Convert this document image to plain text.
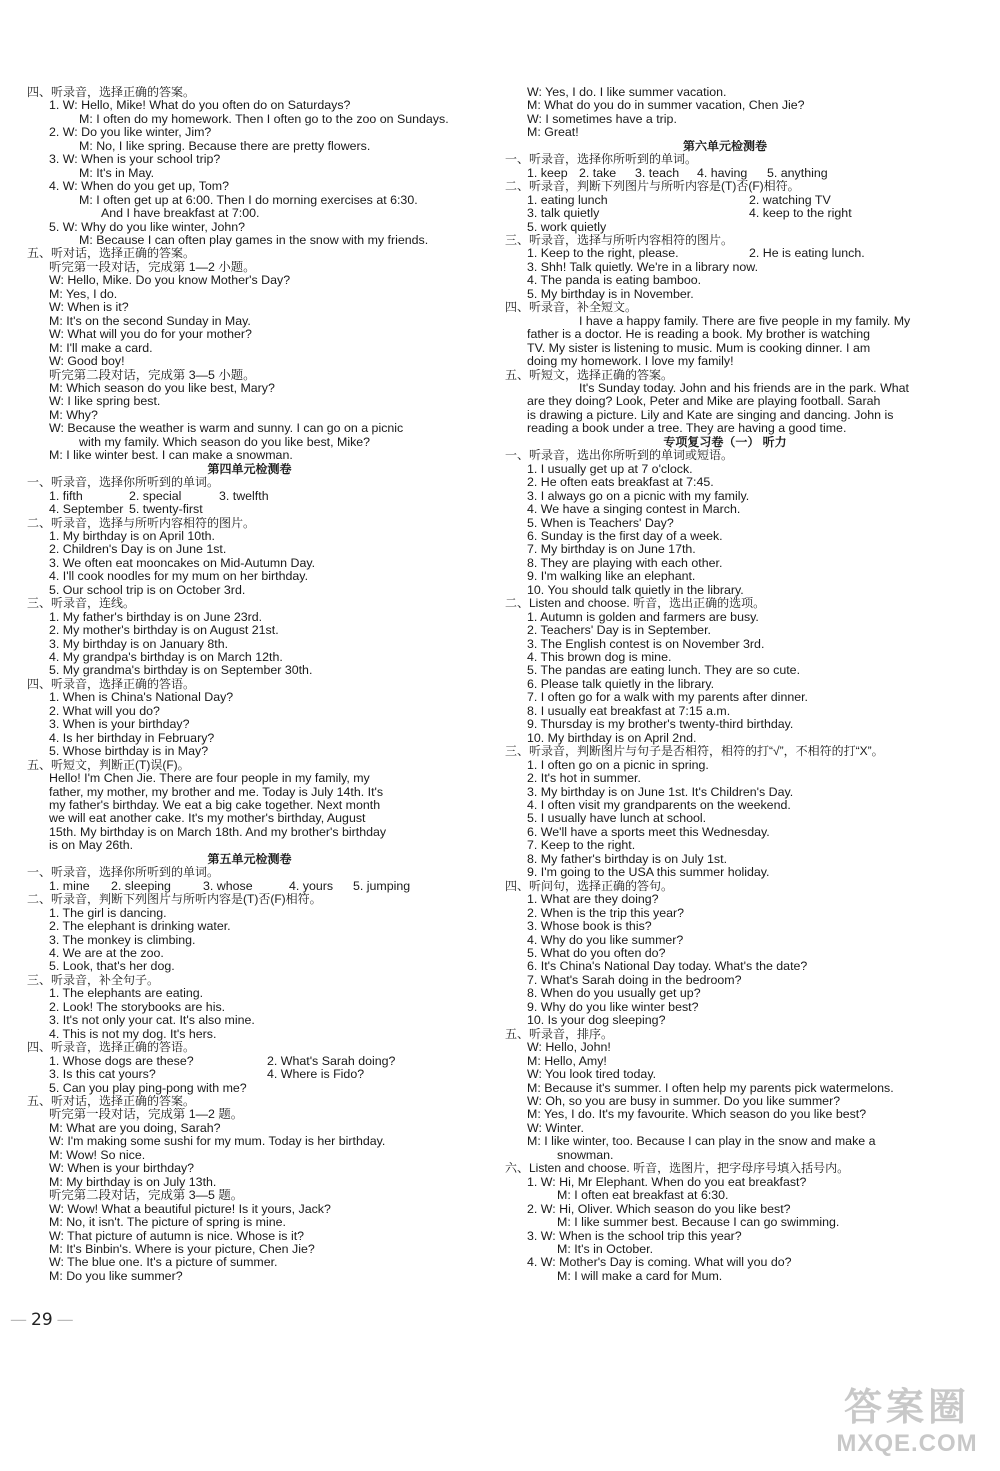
四、听录音，选择正确的答案。
1. W: Hello, Mike! What do you often do on Saturdays?
M: I often do my homework. Then I often go to the zoo on Sundays.
2. W: Do you like winter, Jim?
M: No, I like spring. Because there are pretty flowers.
3. W: When is your school trip?
M: It's in May.
4. W: When do you get up, Tom?
M: I often get up at 6:00. Then I do morning exercises at 6:30.
And I have breakfast at 7:00.
5. W: Why do you like winter, John?
M: Because I can often play games in the snow with my friends.
五、听对话，选择正确的答案。
听完第一段对话，完成第 1—2 小题。
W: Hello, Mike. Do you know Mother's Day?
M: Yes, I do.
W: When is it?
M: It's on the second Sunday in May.
W: What will you do for your mother?
M: I'll make a card.
W: Good boy!
听完第二段对话，完成第 3—5 小题。
M: Which season do you like best, Mary?
W: I like spring best.
M: Why?
W: Because the weather is warm and sunny. I can go on a picnic
with my family. Which season do you like best, Mike?
M: I like winter best. I can make a snowman.
第四单元检测卷
一、听录音，选择你所听到的单词。
1. fifth	2. special	3. twelfth
4. September 5. twenty-first
二、听录音，选择与所听内容相符的图片。
1. My birthday is on April 10th.
2. Children's Day is on June 1st.
3. We often eat mooncakes on Mid-Autumn Day.
4. I'll cook noodles for my mum on her birthday.
5. Our school trip is on October 3rd.
三、听录音，连线。
1. My father's birthday is on June 23rd.
2. My mother's birthday is on August 21st.
3. My birthday is on January 8th.
4. My grandpa's birthday is on March 12th.
5. My grandma's birthday is on September 30th.
四、听录音，选择正确的答语。
1. When is China's National Day?
2. What will you do?
3. When is your birthday?
4. Is her birthday in February?
5. Whose birthday is in May?
五、听短文，判断正(T)误(F)。
Hello! I'm Chen Jie. There are four people in my family, my
father, my mother, my brother and me. Today is July 14th. It's
my father's birthday. We eat a big cake together. Next month
we will eat another cake. It's my mother's birthday, August
15th. My birthday is on March 18th. And my brother's birthday
is on May 26th.
第五单元检测卷
一、听录音，选择你所听到的单词。
1. mine	2. sleeping	3. whose	4. yours	5. jumping
二、听录音，判断下列图片与所听内容是(T)否(F)相符。
1. The girl is dancing.
2. The elephant is drinking water.
3. The monkey is climbing.
4. We are at the zoo.
5. Look, that's her dog.
三、听录音，补全句子。
1. The elephants are eating.
2. Look! The storybooks are his.
3. It's not only your cat. It's also mine.
4. This is not my dog. It's hers.
四、听录音，选择正确的答语。
1. Whose dogs are these?	2. What's Sarah doing?
3. Is this cat yours?	4. Where is Fido?
5. Can you play ping-pong with me?
五、听对话，选择正确的答案。
听完第一段对话，完成第 1—2 题。
M: What are you doing, Sarah?
W: I'm making some sushi for my mum. Today is her birthday.
M: Wow! So nice.
W: When is your birthday?
M: My birthday is on July 13th.
听完第二段对话，完成第 3—5 题。
W: Wow! What a beautiful picture! Is it yours, Jack?
M: No, it isn't. The picture of spring is mine.
W: That picture of autumn is nice. Whose is it?
M: It's Binbin's. Where is your picture, Chen Jie?
W: The blue one. It's a picture of summer.
M: Do you like summer?
W: Yes, I do. I like summer vacation.
M: What do you do in summer vacation, Chen Jie?
W: I sometimes have a trip.
M: Great!
第六单元检测卷
一、听录音，选择你所听到的单词。
1. keep 2. take	3. teach	4. having	5. anything
二、听录音，判断下列图片与所听内容是(T)否(F)相符。
1. eating lunch	2. watching TV
3. talk quietly	4. keep to the right
5. work quietly
三、听录音，选择与所听内容相符的图片。
1. Keep to the right, please.	2. He is eating lunch.
3. Shh! Talk quietly. We're in a library now.
4. The panda is eating bamboo.
5. My birthday is in November.
四、听录音，补全短文。
I have a happy family. There are five people in my family. My
father is a doctor. He is reading a book. My brother is watching
TV. My sister is listening to music. Mum is cooking dinner. I am
doing my homework. I love my family!
五、听短文，选择正确的答案。
It's Sunday today. John and his friends are in the park. What
are they doing? Look, Peter and Mike are playing football. Sarah
is drawing a picture. Lily and Kate are singing and dancing. John is
reading a book under a tree. They are having a good time.
专项复习卷（一） 听力
一、听录音，选出你所听到的单词或短语。
1. I usually get up at 7 o'clock.
2. He often eats breakfast at 7:45.
3. I always go on a picnic with my family.
4. We have a singing contest in March.
5. When is Teachers' Day?
6. Sunday is the first day of a week.
7. My birthday is on June 17th.
8. They are playing with each other.
9. I'm walking like an elephant.
10. You should talk quietly in the library.
二、Listen and choose. 听音，选出正确的选项。
1. Autumn is golden and farmers are busy.
2. Teachers' Day is in September.
3. The English contest is on November 3rd.
4. This brown dog is mine.
5. The pandas are eating lunch. They are so cute.
6. Please talk quietly in the library.
7. I often go for a walk with my parents after dinner.
8. I usually eat breakfast at 7:15 a.m.
9. Thursday is my brother's twenty-third birthday.
10. My birthday is on April 2nd.
三、听录音，判断图片与句子是否相符，相符的打“√”，不相符的打“X”。
1. I often go on a picnic in spring.
2. It's hot in summer.
3. My birthday is on June 1st. It's Children's Day.
4. I often visit my grandparents on the weekend.
5. I usually have lunch at school.
6. We'll have a sports meet this Wednesday.
7. Keep to the right.
8. My father's birthday is on July 1st.
9. I'm going to the USA this summer holiday.
四、听问句，选择正确的答句。
1. What are they doing?
2. When is the trip this year?
3. Whose book is this?
4. Why do you like summer?
5. What do you often do?
6. It's China's National Day today. What's the date?
7. What's Sarah doing in the bedroom?
8. When do you usually get up?
9. Why do you like winter best?
10. Is your dog sleeping?
五、听录音，排序。
W: Hello, John!
M: Hello, Amy!
W: You look tired today.
M: Because it's summer. I often help my parents pick watermelons.
W: Oh, so you are busy in summer. Do you like summer?
M: Yes, I do. It's my favourite. Which season do you like best?
W: Winter.
M: I like winter, too. Because I can play in the snow and make a
snowman.
六、Listen and choose. 听音，选图片，把字母序号填入括号内。
1. W: Hi, Mr Elephant. When do you eat breakfast?
M: I often eat breakfast at 6:30.
2. W: Hi, Oliver. Which season do you like best?
M: I like summer best. Because I can go swimming.
3. W: When is the school trip this year?
M: It's in October.
4. W: Mother's Day is coming. What will you do?
M: I will make a card for Mum.
— 29 —
答案圈
MXQE.COM
